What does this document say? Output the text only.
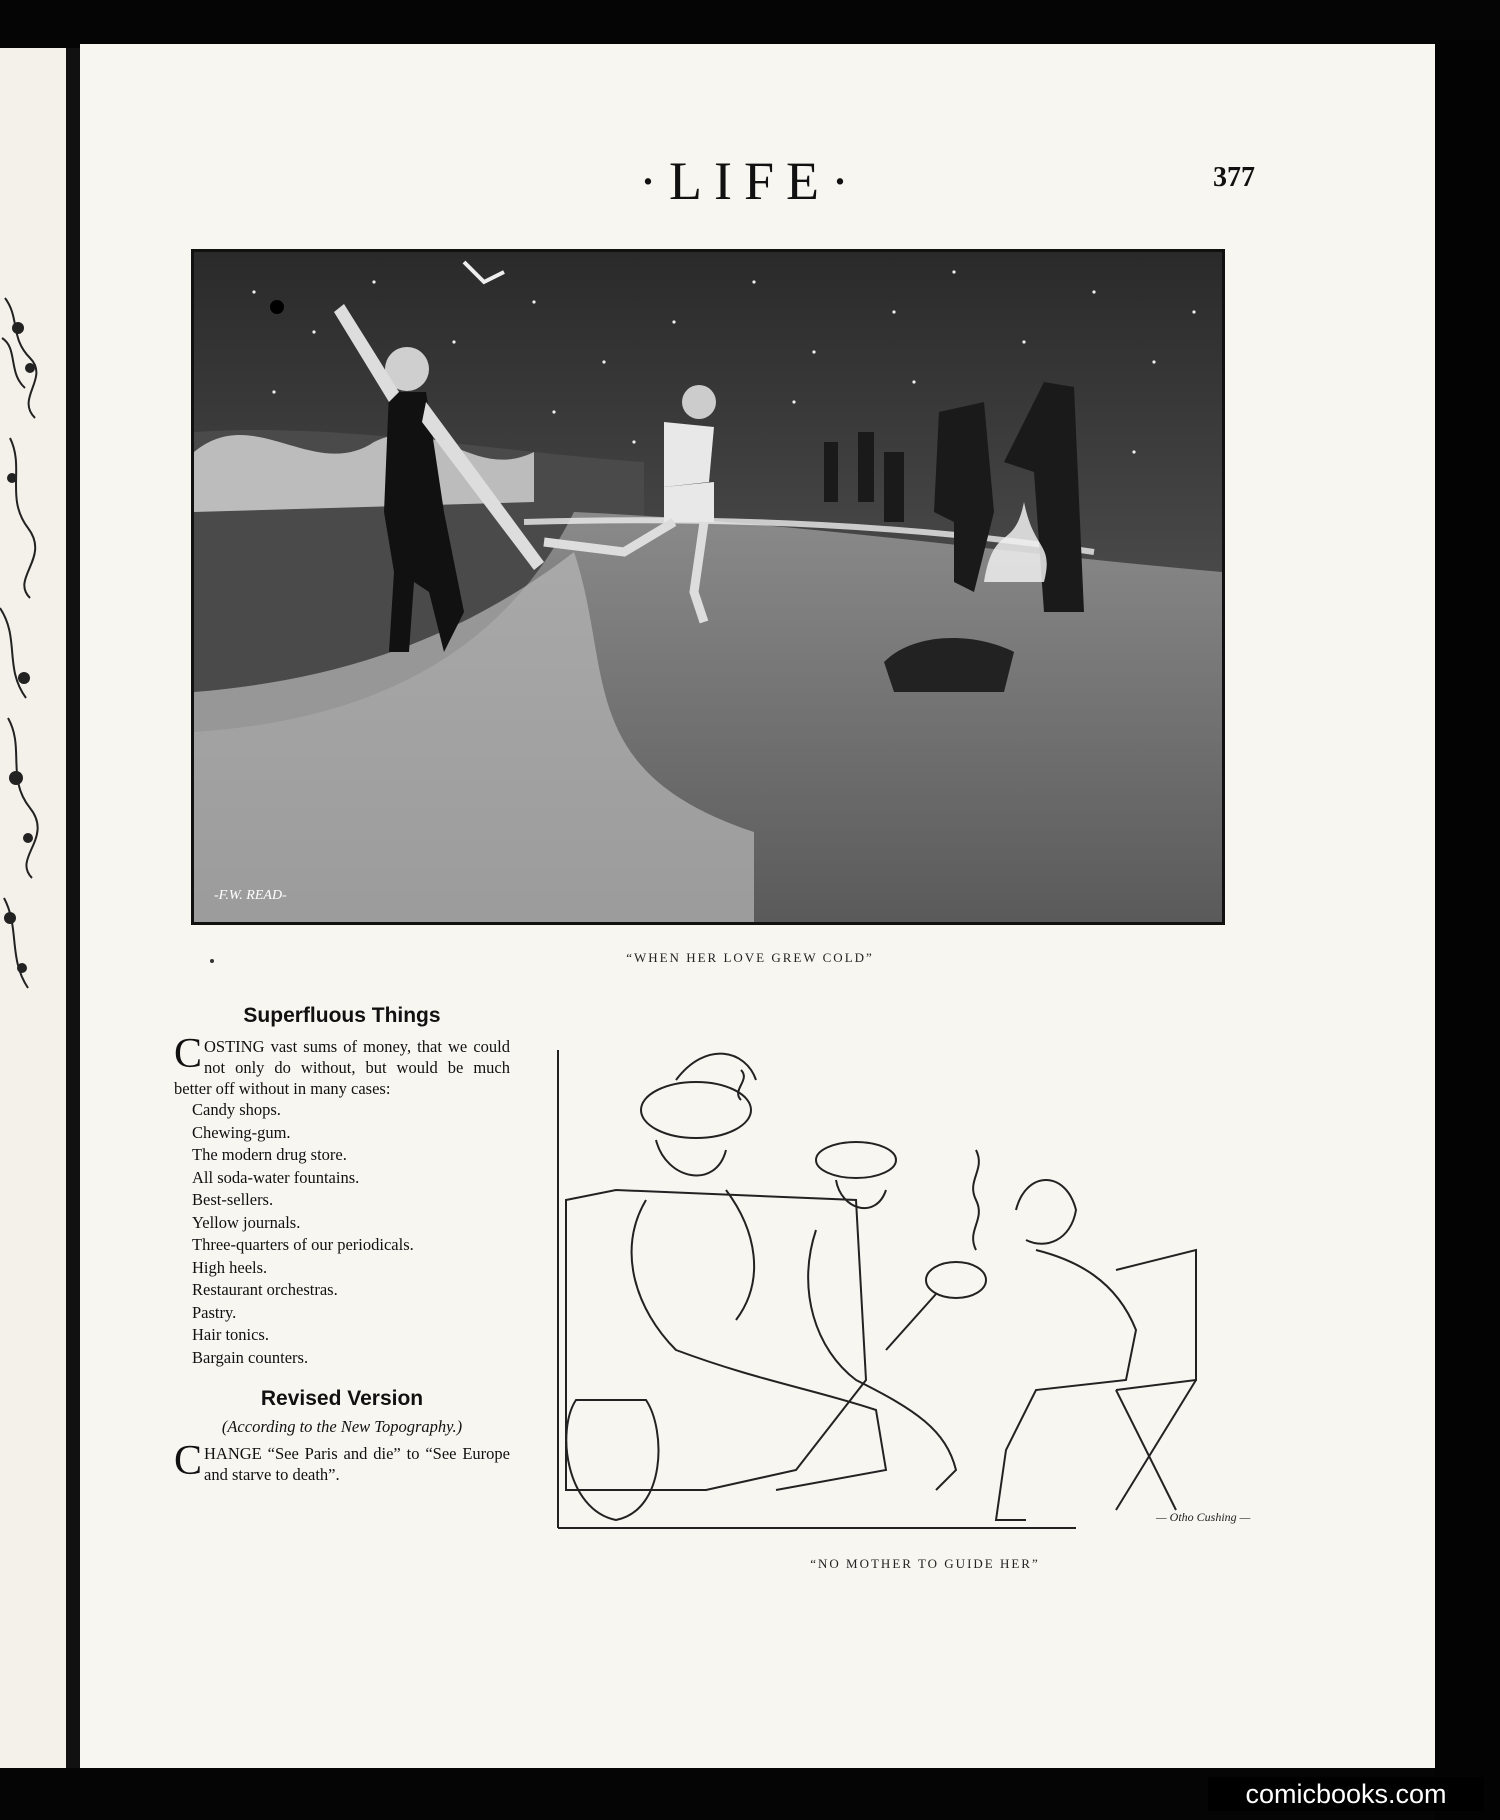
·LIFE·	377
-F.W. READ-
“WHEN HER LOVE GREW COLD”
Superfluous Things
COSTING vast sums of money, that we could not only do without, but would be much better off without in many cases:
Candy shops.
Chewing-gum.
The modern drug store.
All soda-water fountains.
Best-sellers.
Yellow journals.
Three-quarters of our periodicals.
High heels.
Restaurant orchestras.
Pastry.
Hair tonics.
Bargain counters.
Revised Version
(According to the New Topography.)
CHANGE “See Paris and die” to “See Europe and starve to death”.
— Otho Cushing —
“NO MOTHER TO GUIDE HER”
comicbooks.com
